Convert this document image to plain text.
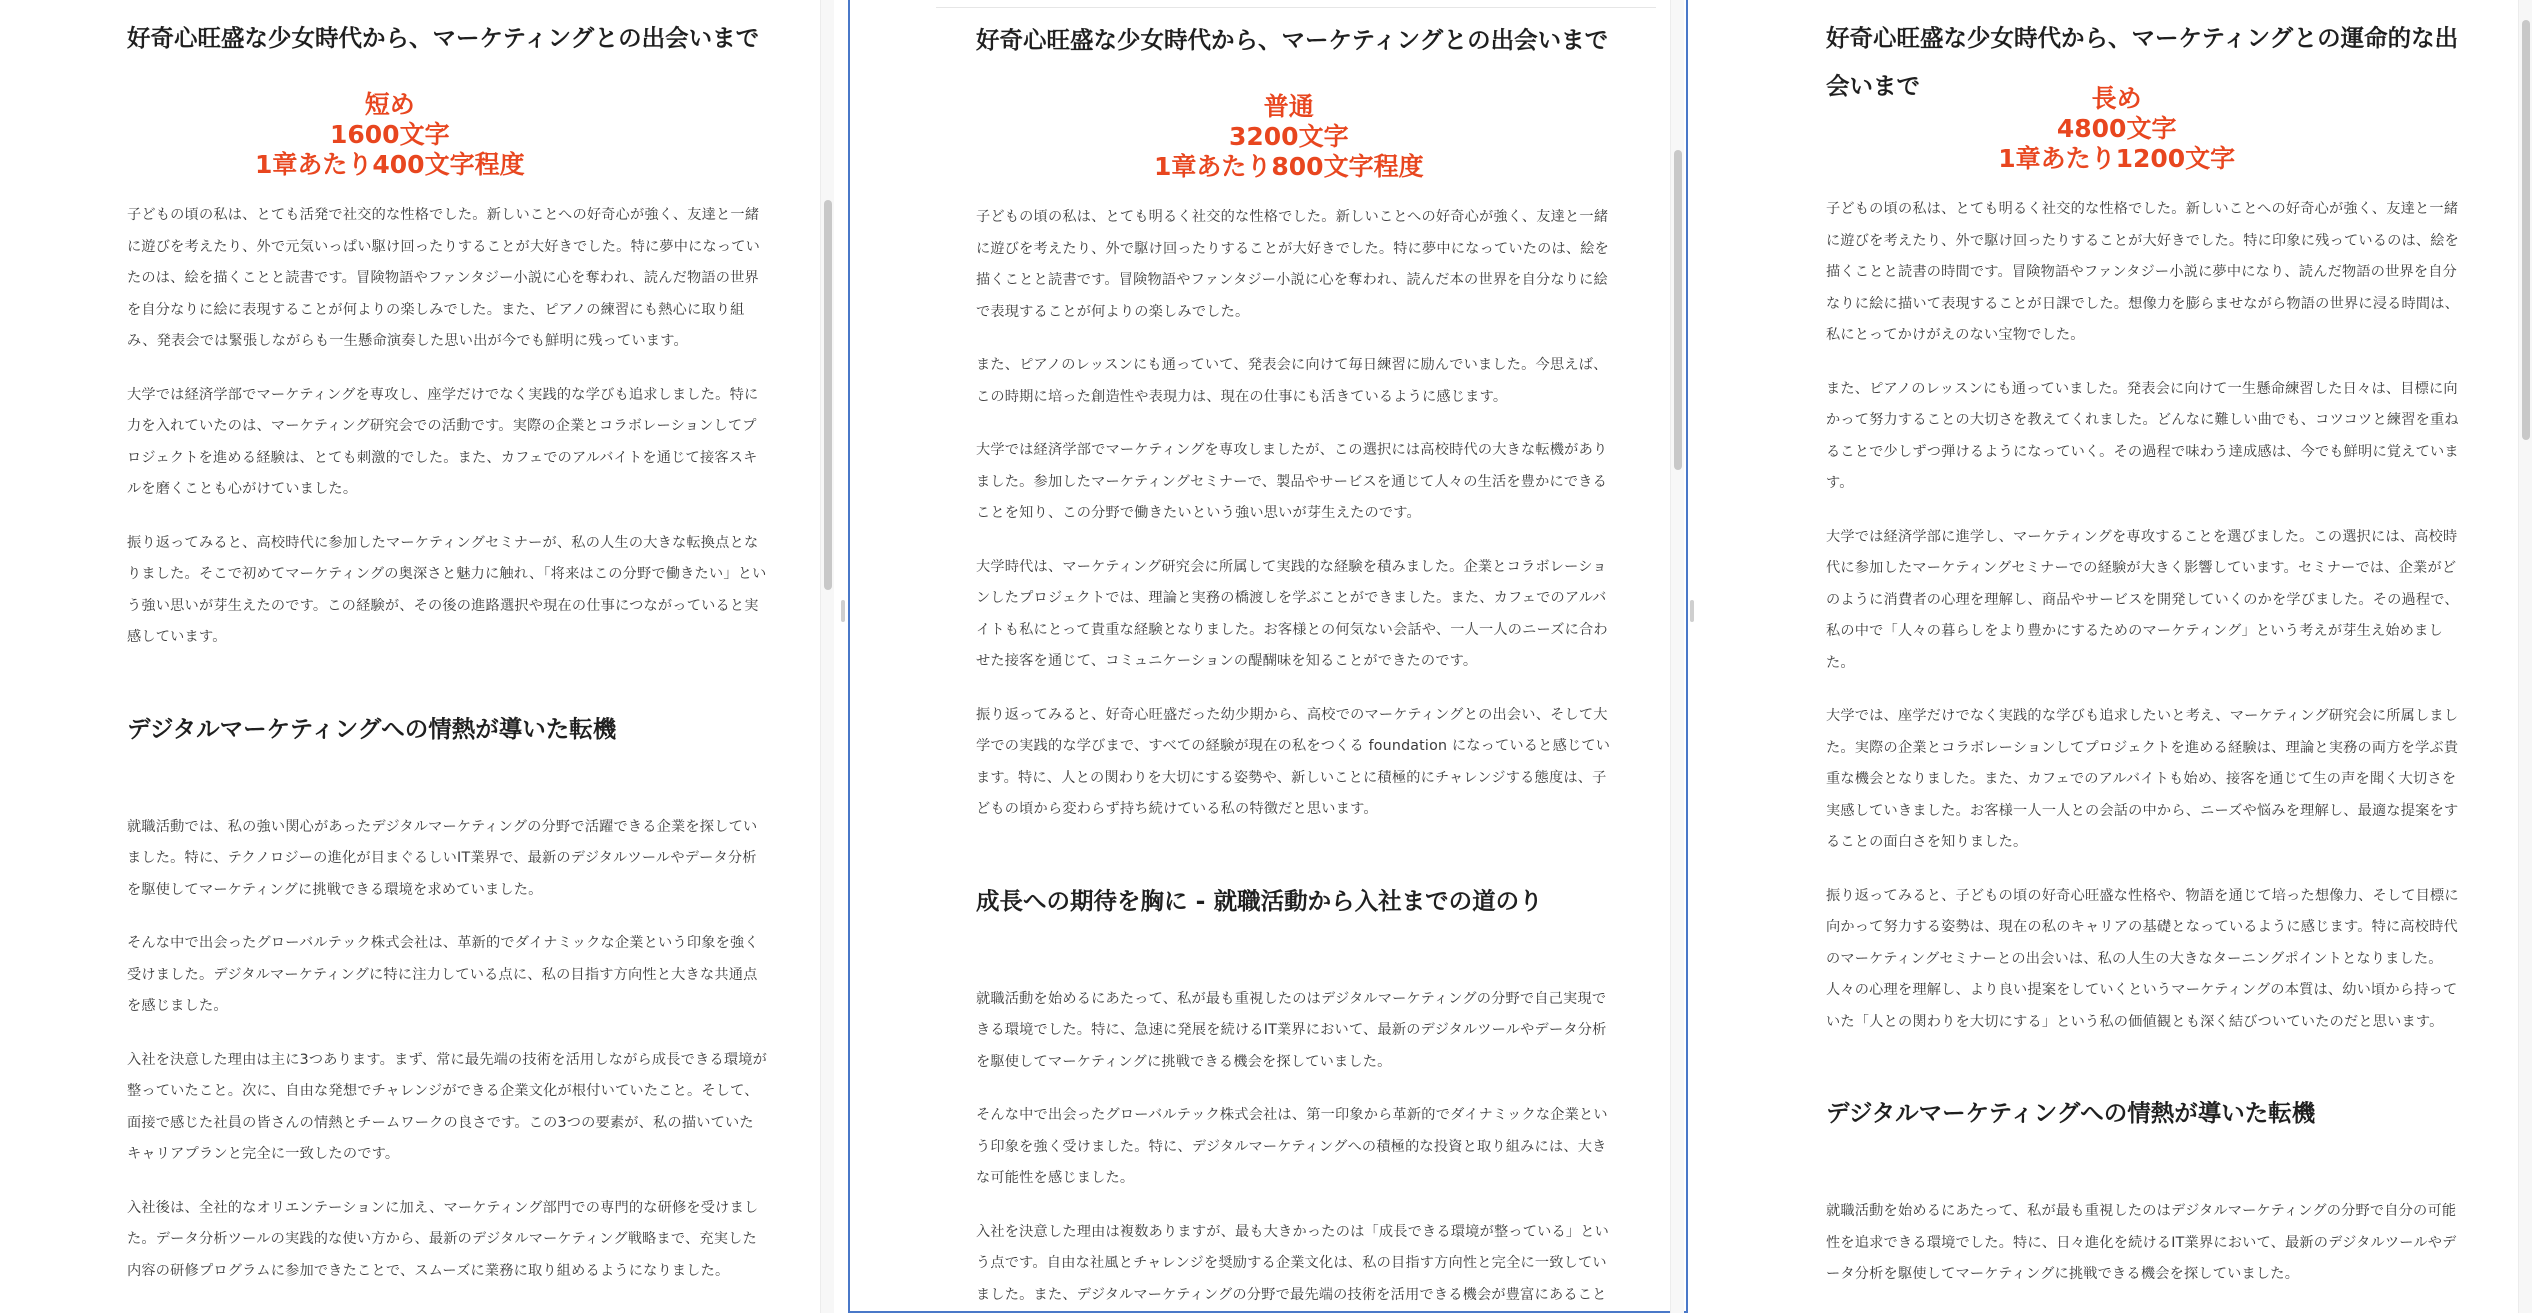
好奇心旺盛な少女時代から、マーケティングとの出会いまで
短め
1600文字
1章あたり400文字程度

子どもの頃の私は、とても活発で社交的な性格でした。新しいことへの好奇心が強く、友達と一緒に遊びを考えたり、外で元気いっぱい駆け回ったりすることが大好きでした。特に夢中になっていたのは、絵を描くことと読書です。冒険物語やファンタジー小説に心を奪われ、読んだ物語の世界を自分なりに絵に表現することが何よりの楽しみでした。また、ピアノの練習にも熱心に取り組み、発表会では緊張しながらも一生懸命演奏した思い出が今でも鮮明に残っています。

大学では経済学部でマーケティングを専攻し、座学だけでなく実践的な学びも追求しました。特に力を入れていたのは、マーケティング研究会での活動です。実際の企業とコラボレーションしてプロジェクトを進める経験は、とても刺激的でした。また、カフェでのアルバイトを通じて接客スキルを磨くことも心がけていました。

振り返ってみると、高校時代に参加したマーケティングセミナーが、私の人生の大きな転換点となりました。そこで初めてマーケティングの奥深さと魅力に触れ、「将来はこの分野で働きたい」という強い思いが芽生えたのです。この経験が、その後の進路選択や現在の仕事につながっていると実感しています。

デジタルマーケティングへの情熱が導いた転機

就職活動では、私の強い関心があったデジタルマーケティングの分野で活躍できる企業を探していました。特に、テクノロジーの進化が目まぐるしいIT業界で、最新のデジタルツールやデータ分析を駆使してマーケティングに挑戦できる環境を求めていました。

そんな中で出会ったグローバルテック株式会社は、革新的でダイナミックな企業という印象を強く受けました。デジタルマーケティングに特に注力している点に、私の目指す方向性と大きな共通点を感じました。

入社を決意した理由は主に3つあります。まず、常に最先端の技術を活用しながら成長できる環境が整っていたこと。次に、自由な発想でチャレンジができる企業文化が根付いていたこと。そして、面接で感じた社員の皆さんの情熱とチームワークの良さです。この3つの要素が、私の描いていたキャリアプランと完全に一致したのです。

入社後は、全社的なオリエンテーションに加え、マーケティング部門での専門的な研修を受けました。データ分析ツールの実践的な使い方から、最新のデジタルマーケティング戦略まで、充実した内容の研修プログラムに参加できたことで、スムーズに業務に取り組めるようになりました。

好奇心旺盛な少女時代から、マーケティングとの出会いまで
普通
3200文字
1章あたり800文字程度

子どもの頃の私は、とても明るく社交的な性格でした。新しいことへの好奇心が強く、友達と一緒に遊びを考えたり、外で駆け回ったりすることが大好きでした。特に夢中になっていたのは、絵を描くことと読書です。冒険物語やファンタジー小説に心を奪われ、読んだ本の世界を自分なりに絵で表現することが何よりの楽しみでした。

また、ピアノのレッスンにも通っていて、発表会に向けて毎日練習に励んでいました。今思えば、この時期に培った創造性や表現力は、現在の仕事にも活きているように感じます。

大学では経済学部でマーケティングを専攻しましたが、この選択には高校時代の大きな転機がありました。参加したマーケティングセミナーで、製品やサービスを通じて人々の生活を豊かにできることを知り、この分野で働きたいという強い思いが芽生えたのです。

大学時代は、マーケティング研究会に所属して実践的な経験を積みました。企業とコラボレーションしたプロジェクトでは、理論と実務の橋渡しを学ぶことができました。また、カフェでのアルバイトも私にとって貴重な経験となりました。お客様との何気ない会話や、一人一人のニーズに合わせた接客を通じて、コミュニケーションの醍醐味を知ることができたのです。

振り返ってみると、好奇心旺盛だった幼少期から、高校でのマーケティングとの出会い、そして大学での実践的な学びまで、すべての経験が現在の私をつくる foundation になっていると感じています。特に、人との関わりを大切にする姿勢や、新しいことに積極的にチャレンジする態度は、子どもの頃から変わらず持ち続けている私の特徴だと思います。

成長への期待を胸に - 就職活動から入社までの道のり

就職活動を始めるにあたって、私が最も重視したのはデジタルマーケティングの分野で自己実現できる環境でした。特に、急速に発展を続けるIT業界において、最新のデジタルツールやデータ分析を駆使してマーケティングに挑戦できる機会を探していました。

そんな中で出会ったグローバルテック株式会社は、第一印象から革新的でダイナミックな企業という印象を強く受けました。特に、デジタルマーケティングへの積極的な投資と取り組みには、大きな可能性を感じました。

入社を決意した理由は複数ありますが、最も大きかったのは「成長できる環境が整っている」という点です。自由な社風とチャレンジを奨励する企業文化は、私の目指す方向性と完全に一致していました。また、デジタルマーケティングの分野で最先端の技術を活用できる機会が豊富にあること

好奇心旺盛な少女時代から、マーケティングとの運命的な出会いまで	長め
4800文字
1章あたり1200文字

子どもの頃の私は、とても明るく社交的な性格でした。新しいことへの好奇心が強く、友達と一緒に遊びを考えたり、外で駆け回ったりすることが大好きでした。特に印象に残っているのは、絵を描くことと読書の時間です。冒険物語やファンタジー小説に夢中になり、読んだ物語の世界を自分なりに絵に描いて表現することが日課でした。想像力を膨らませながら物語の世界に浸る時間は、私にとってかけがえのない宝物でした。

また、ピアノのレッスンにも通っていました。発表会に向けて一生懸命練習した日々は、目標に向かって努力することの大切さを教えてくれました。どんなに難しい曲でも、コツコツと練習を重ねることで少しずつ弾けるようになっていく。その過程で味わう達成感は、今でも鮮明に覚えています。

大学では経済学部に進学し、マーケティングを専攻することを選びました。この選択には、高校時代に参加したマーケティングセミナーでの経験が大きく影響しています。セミナーでは、企業がどのように消費者の心理を理解し、商品やサービスを開発していくのかを学びました。その過程で、私の中で「人々の暮らしをより豊かにするためのマーケティング」という考えが芽生え始めました。

大学では、座学だけでなく実践的な学びも追求したいと考え、マーケティング研究会に所属しました。実際の企業とコラボレーションしてプロジェクトを進める経験は、理論と実務の両方を学ぶ貴重な機会となりました。また、カフェでのアルバイトも始め、接客を通じて生の声を聞く大切さを実感していきました。お客様一人一人との会話の中から、ニーズや悩みを理解し、最適な提案をすることの面白さを知りました。

振り返ってみると、子どもの頃の好奇心旺盛な性格や、物語を通じて培った想像力、そして目標に向かって努力する姿勢は、現在の私のキャリアの基礎となっているように感じます。特に高校時代のマーケティングセミナーとの出会いは、私の人生の大きなターニングポイントとなりました。人々の心理を理解し、より良い提案をしていくというマーケティングの本質は、幼い頃から持っていた「人との関わりを大切にする」という私の価値観とも深く結びついていたのだと思います。

デジタルマーケティングへの情熱が導いた転機

就職活動を始めるにあたって、私が最も重視したのはデジタルマーケティングの分野で自分の可能性を追求できる環境でした。特に、日々進化を続けるIT業界において、最新のデジタルツールやデータ分析を駆使してマーケティングに挑戦できる機会を探していました。
